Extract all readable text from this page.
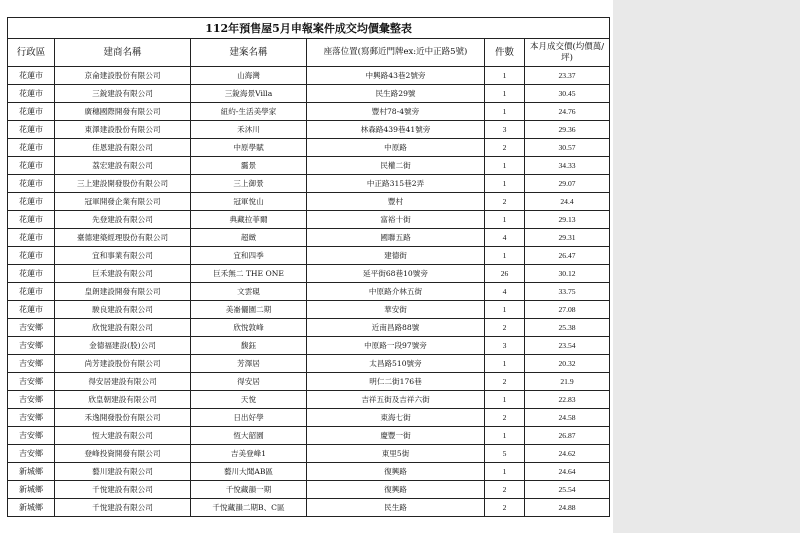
112年預售屋5月申報案件成交均價彙整表					
行政區	建商名稱	建案名稱	座落位置(寫郵近門牌ex:近中正路5號)	件數	本月成交價(均價萬/坪)
花蓮市	京侖建設股份有限公司	山海灣	中興路43巷2號旁	1	23.37
花蓮市	三銳建設有限公司	三銳海景Villa	民生路29號	1	30.45
花蓮市	廣穗國際開發有限公司	紐約-生活美學家	豐村78-4號旁	1	24.76
花蓮市	東澤建設股份有限公司	禾沐川	林森路439巷41號旁	3	29.36
花蓮市	佳恩建設有限公司	中原學賦	中原路	2	30.57
花蓮市	荔宏建設有限公司	靄景	民權二街	1	34.33
花蓮市	三上建設開發股份有限公司	三上御景	中正路315巷2弄	1	29.07
花蓮市	冠軍開發企業有限公司	冠軍悅山	豐村	2	24.4
花蓮市	先登建設有限公司	典藏拉菲爾	富裕十街	1	29.13
花蓮市	臺德建築經理股份有限公司	超緻	國聯五路	4	29.31
花蓮市	宜和事業有限公司	宜和四季	建德街	1	26.47
花蓮市	巨禾建設有限公司	巨禾無二 THE ONE	延平街68巷10號旁	26	30.12
花蓮市	皇朗建設開發有限公司	文雲硯	中原路介林五街	4	33.75
花蓮市	駿良建設有限公司	美崙儷園二期	華安街	1	27.08
吉安鄉	欣悅建設有限公司	欣悅敦峰	近南昌路88號	2	25.38
吉安鄉	金德福建設(股)公司	馥鈺	中原路一段97號旁	3	23.54
吉安鄉	尚芳建設股份有限公司	芳澤居	太昌路510號旁	1	20.32
吉安鄉	得安居建設有限公司	得安居	明仁二街176巷	2	21.9
吉安鄉	欣皇朝建設有限公司	天悅	吉祥五街及吉祥六街	1	22.83
吉安鄉	禾逸開發股份有限公司	日出好學	東海七街	2	24.58
吉安鄉	恆大建設有限公司	恆大韶園	慶豐一街	1	26.87
吉安鄉	登峰投資開發有限公司	吉美登峰1	東里5街	5	24.62
新城鄉	藝川建設有限公司	藝川大聞AB區	復興路	1	24.64
新城鄉	千悅建設有限公司	千悅藏韻一期	復興路	2	25.54
新城鄉	千悅建設有限公司	千悅藏韻二期B、C區	民生路	2	24.88
